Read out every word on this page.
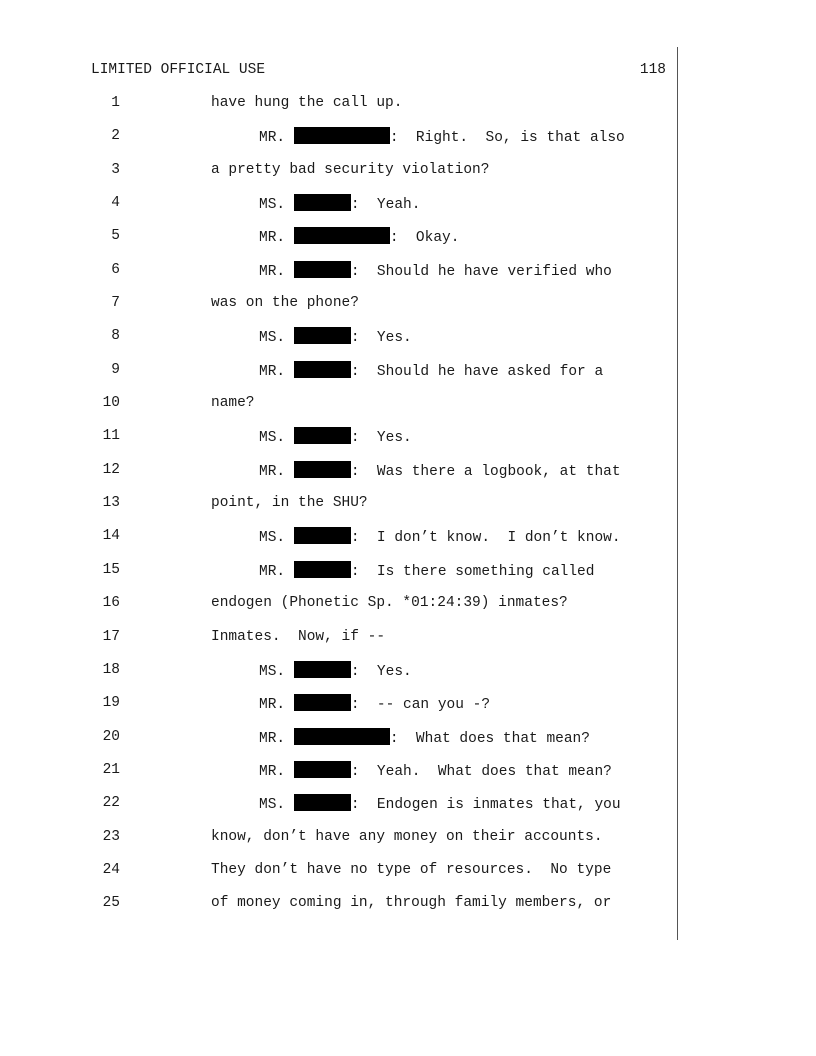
LIMITED OFFICIAL USE	118
1	have hung the call up.
2	MR.	:  Right.  So, is that also
3	a pretty bad security violation?
4	MS.	:  Yeah.
5	MR.	:  Okay.
6	MR.	:  Should he have verified who
7	was on the phone?
8	MS.	:  Yes.
9	MR.	:  Should he have asked for a
10	name?
11	MS.	:  Yes.
12	MR.	:  Was there a logbook, at that
13	point, in the SHU?
14	MS.	:  I don’t know.  I don’t know.
15	MR.	:  Is there something called
16	endogen (Phonetic Sp. *01:24:39) inmates?
17	Inmates.  Now, if --
18	MS.	:  Yes.
19	MR.	:  -- can you -?
20	MR.	:  What does that mean?
21	MR.	:  Yeah.  What does that mean?
22	MS.	:  Endogen is inmates that, you
23	know, don’t have any money on their accounts.
24	They don’t have no type of resources.  No type
25	of money coming in, through family members, or
